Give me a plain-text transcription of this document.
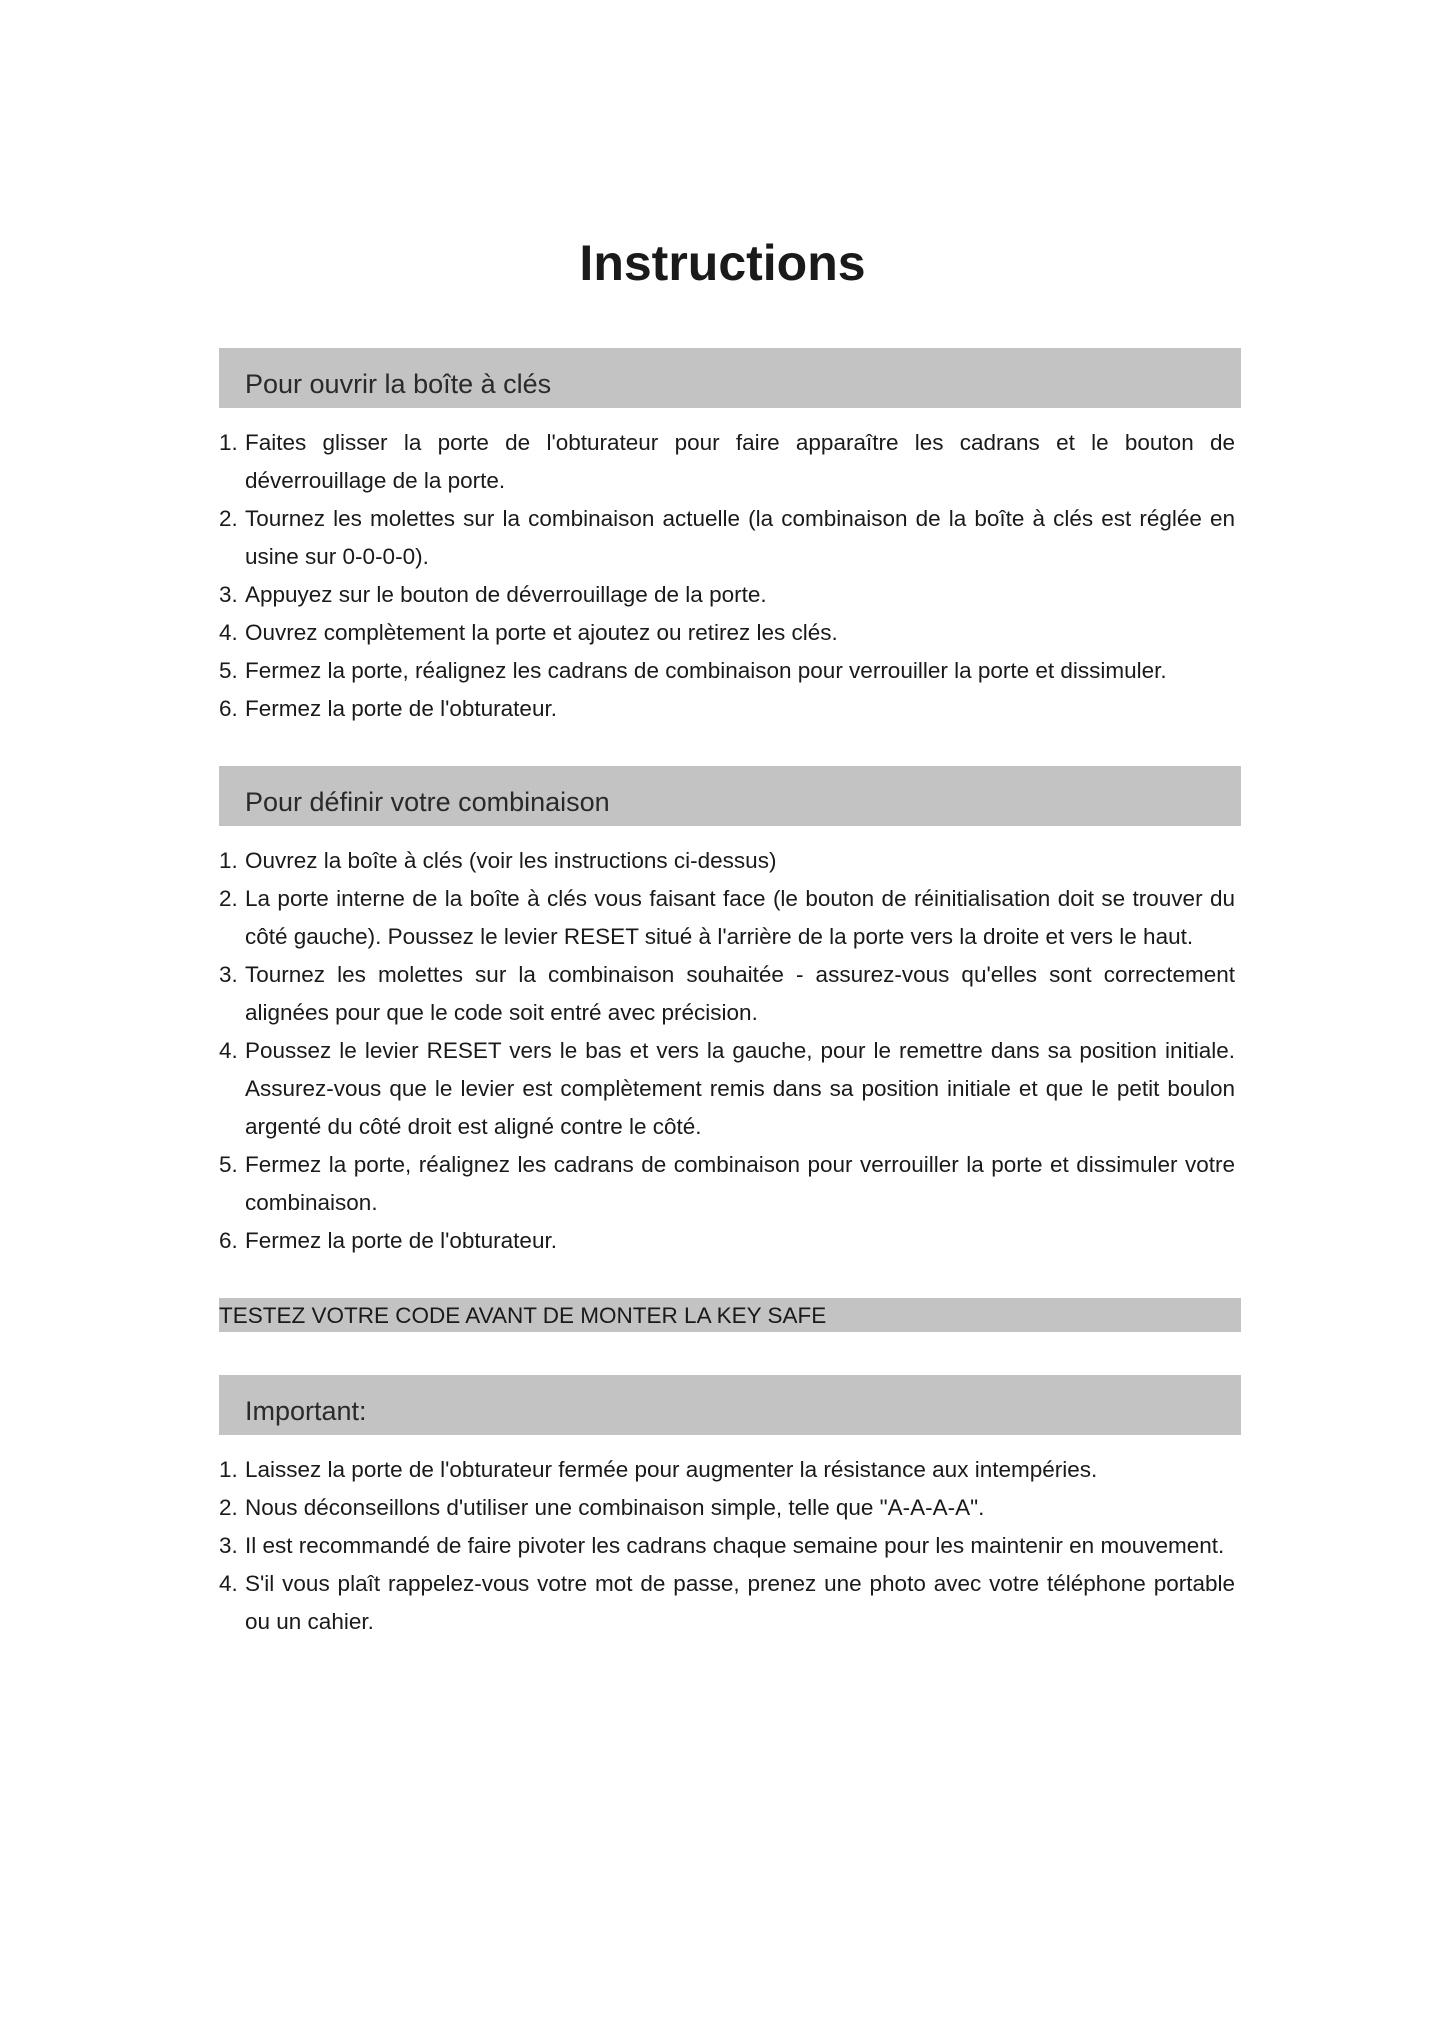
Instructions
Pour ouvrir la boîte à clés
1. Faites glisser la porte de l'obturateur pour faire apparaître les cadrans et le bouton de déverrouillage de la porte.
2. Tournez les molettes sur la combinaison actuelle (la combinaison de la boîte à clés est réglée en usine sur 0-0-0-0).
3. Appuyez sur le bouton de déverrouillage de la porte.
4. Ouvrez complètement la porte et ajoutez ou retirez les clés.
5. Fermez la porte, réalignez les cadrans de combinaison pour verrouiller la porte et dissimuler.
6. Fermez la porte de l'obturateur.
Pour définir votre combinaison
1. Ouvrez la boîte à clés (voir les instructions ci-dessus)
2. La porte interne de la boîte à clés vous faisant face (le bouton de réinitialisation doit se trouver du côté gauche). Poussez le levier RESET situé à l'arrière de la porte vers la droite et vers le haut.
3. Tournez les molettes sur la combinaison souhaitée - assurez-vous qu'elles sont correctement alignées pour que le code soit entré avec précision.
4. Poussez le levier RESET vers le bas et vers la gauche, pour le remettre dans sa position initiale. Assurez-vous que le levier est complètement remis dans sa position initiale et que le petit boulon argenté du côté droit est aligné contre le côté.
5. Fermez la porte, réalignez les cadrans de combinaison pour verrouiller la porte et dissimuler votre combinaison.
6. Fermez la porte de l'obturateur.
TESTEZ VOTRE CODE AVANT DE MONTER LA KEY SAFE
Important:
1. Laissez la porte de l'obturateur fermée pour augmenter la résistance aux intempéries.
2. Nous déconseillons d'utiliser une combinaison simple, telle que "A-A-A-A".
3. Il est recommandé de faire pivoter les cadrans chaque semaine pour les maintenir en mouvement.
4. S'il vous plaît rappelez-vous votre mot de passe, prenez une photo avec votre téléphone portable ou un cahier.
